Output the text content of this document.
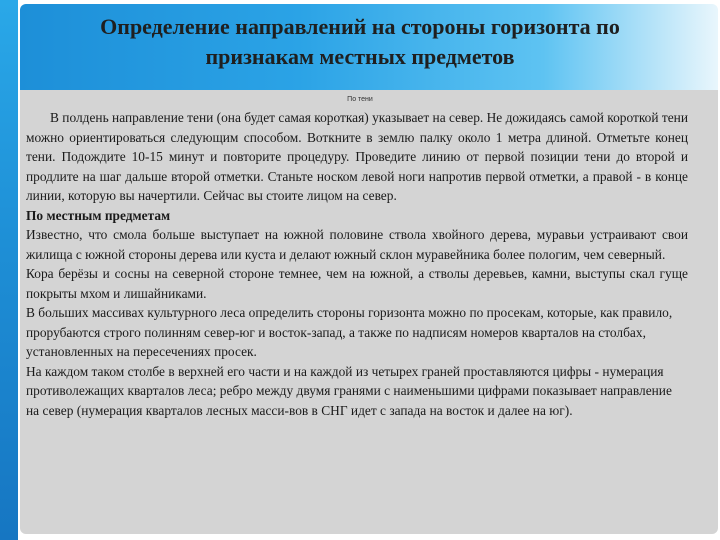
Определение направлений на стороны горизонта по
признакам местных предметов
По тени

В полдень направление тени (она будет самая короткая) указывает на север. Не дожидаясь самой короткой тени можно ориентироваться следующим способом. Воткните в землю палку около 1 метра длиной. Отметьте конец тени. Подождите 10-15 минут и повторите процедуру. Проведите линию от первой позиции тени до второй и продлите на шаг дальше второй отметки. Станьте носком левой ноги напротив первой отметки, а правой - в конце линии, которую вы начертили. Сейчас вы стоите лицом на север.

По местным предметам

Известно, что смола больше выступает на южной половине ствола хвойного дерева, муравьи устраивают свои жилища с южной стороны дерева или куста и делают южный склон муравейника более пологим, чем северный.

Кора берёзы и сосны на северной стороне темнее, чем на южной, а стволы деревьев, камни, выступы скал гуще покрыты мхом и лишайниками.

В больших массивах культурного леса определить стороны горизонта можно по просекам, которые, как правило, прорубаются строго полинням север-юг и восток-запад, а также по надписям номеров кварталов на столбах, установленных на пересечениях просек.

На каждом таком столбе в верхней его части и на каждой из четырех граней проставляются цифры - нумерация противолежащих кварталов леса; ребро между двумя гранями с наименьшими цифрами показывает направление на север (нумерация кварталов лесных масси-вов в СНГ идет с запада на восток и далее на юг).
